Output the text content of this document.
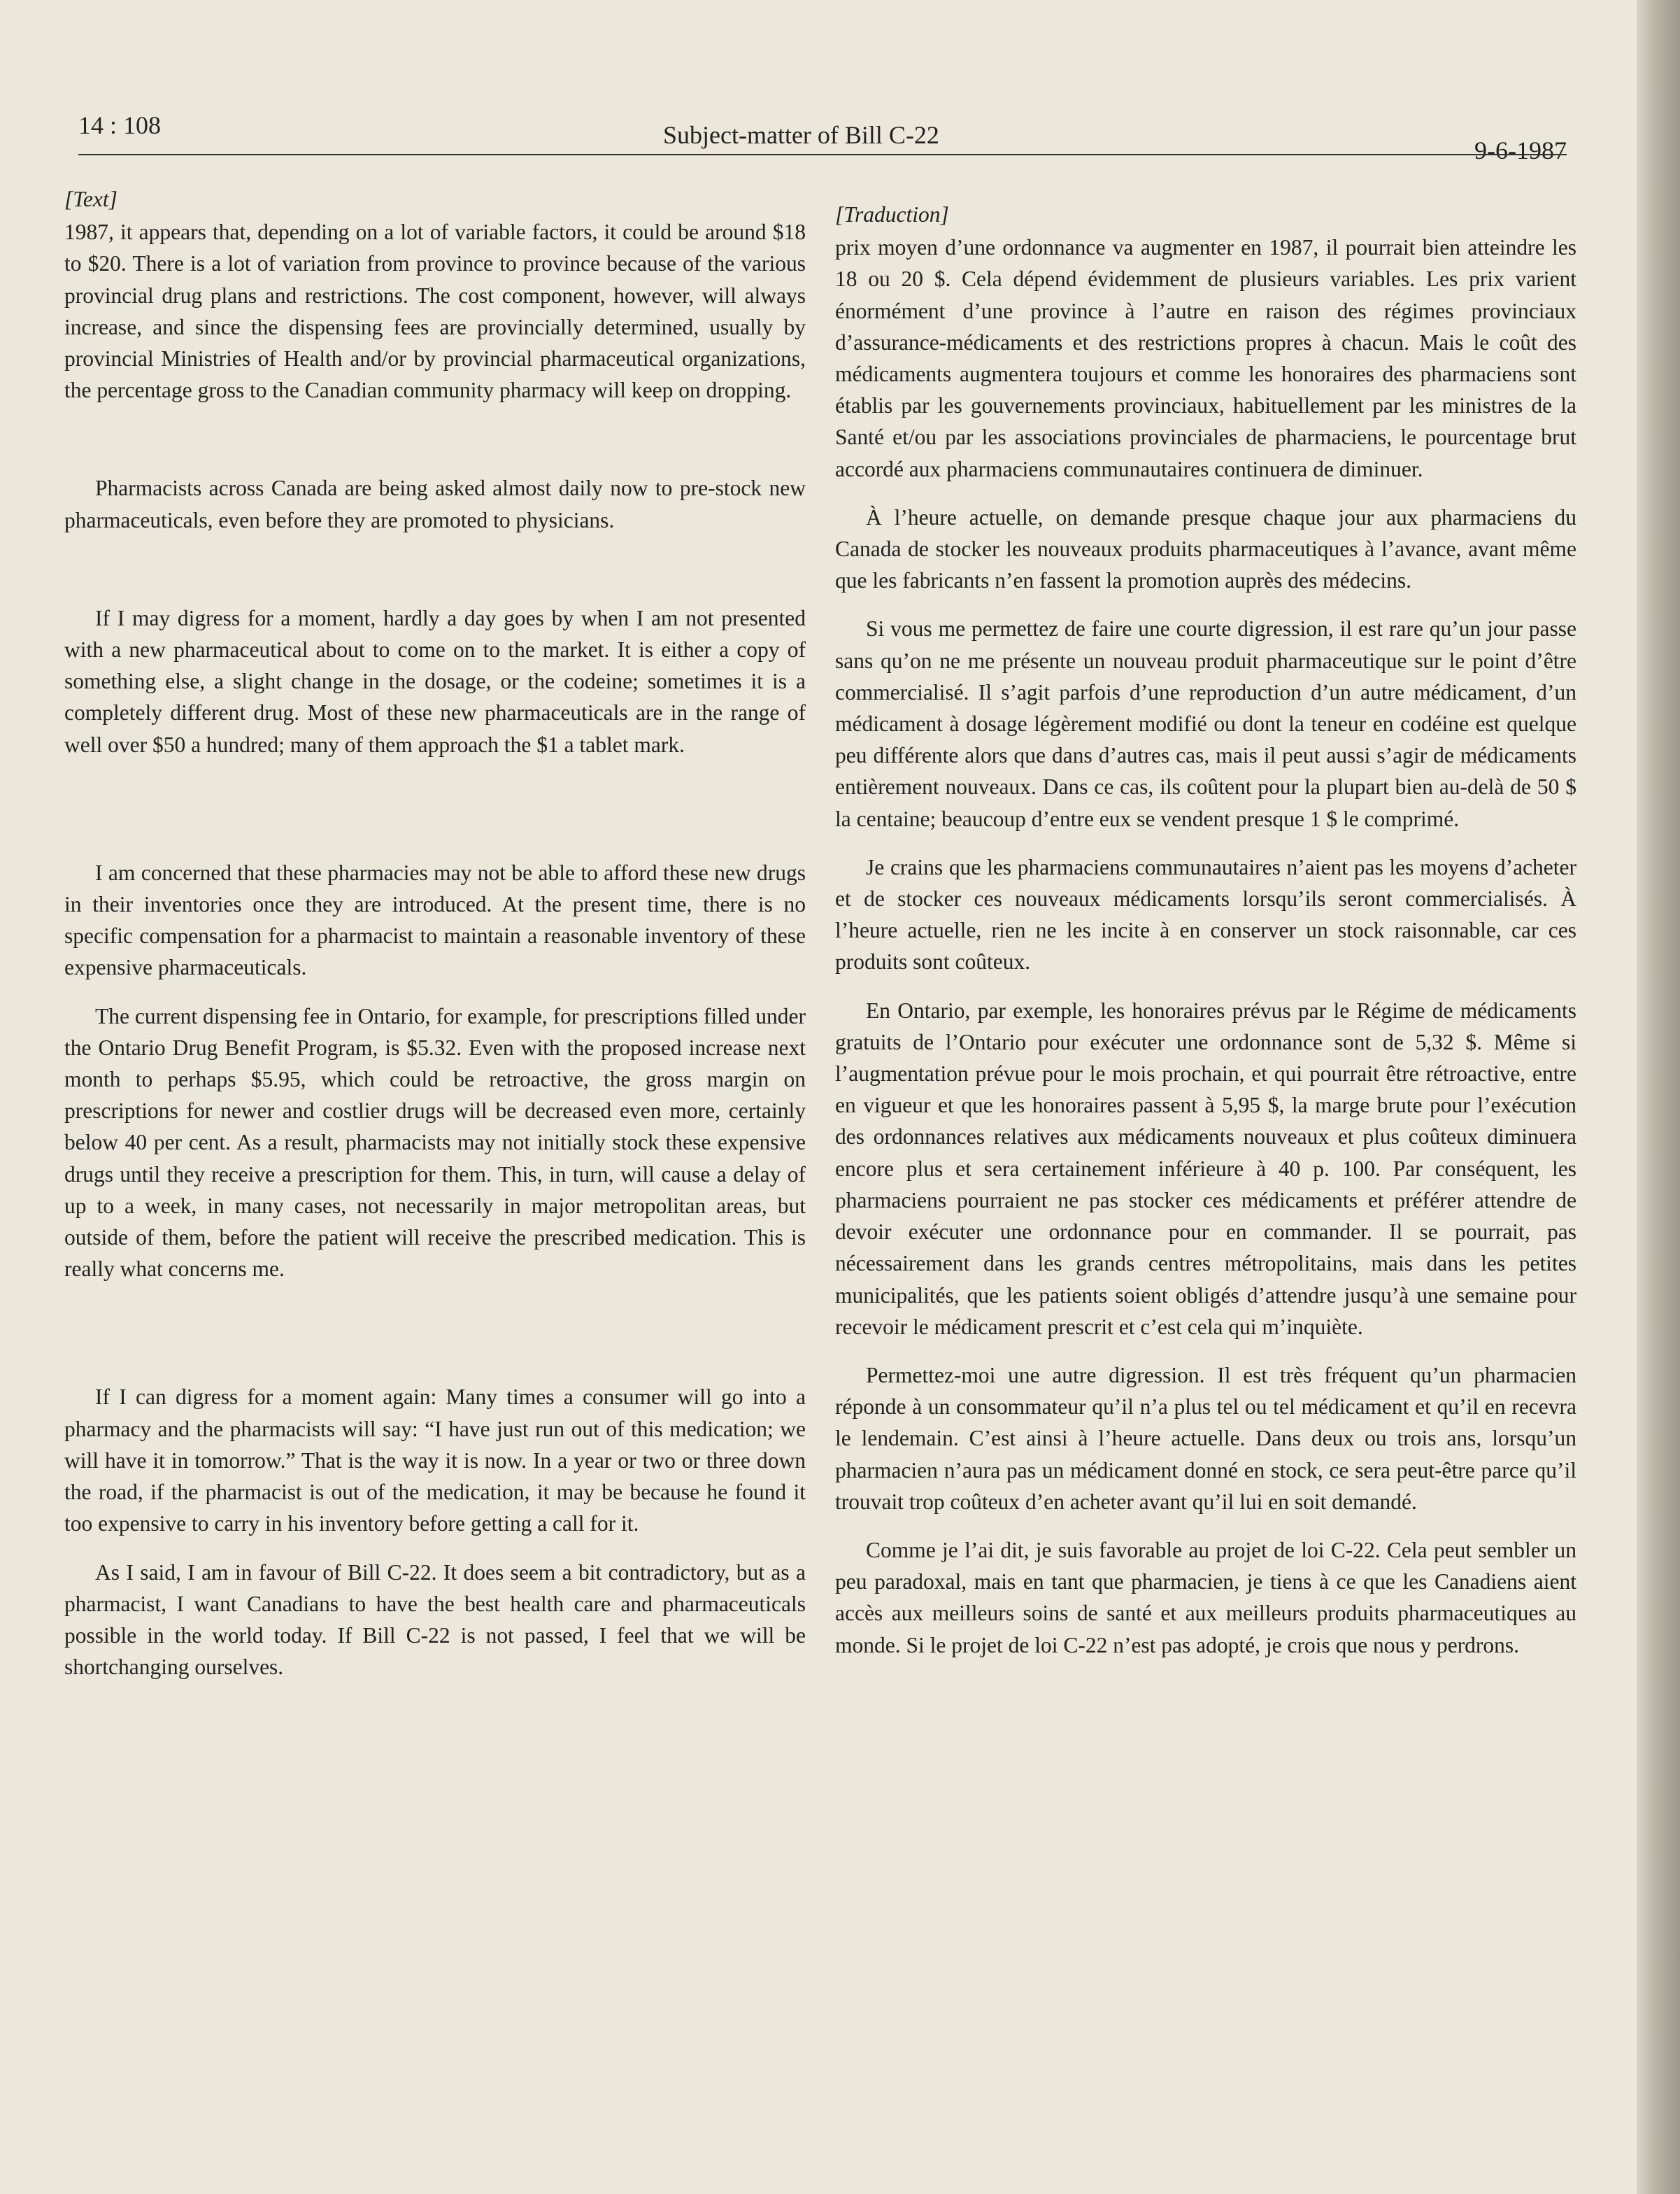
14 : 108	Subject-matter of Bill C-22
9-6-1987
[Text]

1987, it appears that, depending on a lot of variable factors, it could be around $18 to $20. There is a lot of variation from province to province because of the various provincial drug plans and restrictions. The cost component, however, will always increase, and since the dispensing fees are provincially determined, usually by provincial Ministries of Health and/or by provincial pharmaceutical organizations, the percentage gross to the Canadian community pharmacy will keep on dropping.

Pharmacists across Canada are being asked almost daily now to pre-stock new pharmaceuticals, even before they are promoted to physicians.

If I may digress for a moment, hardly a day goes by when I am not presented with a new pharmaceutical about to come on to the market. It is either a copy of something else, a slight change in the dosage, or the codeine; sometimes it is a completely different drug. Most of these new pharmaceuticals are in the range of well over $50 a hundred; many of them approach the $1 a tablet mark.

I am concerned that these pharmacies may not be able to afford these new drugs in their inventories once they are introduced. At the present time, there is no specific compensation for a pharmacist to maintain a reasonable inventory of these expensive pharmaceuticals.

The current dispensing fee in Ontario, for example, for prescriptions filled under the Ontario Drug Benefit Program, is $5.32. Even with the proposed increase next month to perhaps $5.95, which could be retroactive, the gross margin on prescriptions for newer and costlier drugs will be decreased even more, certainly below 40 per cent. As a result, pharmacists may not initially stock these expensive drugs until they receive a prescription for them. This, in turn, will cause a delay of up to a week, in many cases, not necessarily in major metropolitan areas, but outside of them, before the patient will receive the prescribed medication. This is really what concerns me.

If I can digress for a moment again: Many times a consumer will go into a pharmacy and the pharmacists will say: “I have just run out of this medication; we will have it in tomorrow.” That is the way it is now. In a year or two or three down the road, if the pharmacist is out of the medication, it may be because he found it too expensive to carry in his inventory before getting a call for it.

As I said, I am in favour of Bill C-22. It does seem a bit contradictory, but as a pharmacist, I want Canadians to have the best health care and pharmaceuticals possible in the world today. If Bill C-22 is not passed, I feel that we will be shortchanging ourselves.

[Traduction]

prix moyen d’une ordonnance va augmenter en 1987, il pourrait bien atteindre les 18 ou 20 $. Cela dépend évidemment de plusieurs variables. Les prix varient énormément d’une province à l’autre en raison des régimes provinciaux d’assurance-médicaments et des restrictions propres à chacun. Mais le coût des médicaments augmentera toujours et comme les honoraires des pharmaciens sont établis par les gouvernements provinciaux, habituellement par les ministres de la Santé et/ou par les associations provinciales de pharmaciens, le pourcentage brut accordé aux pharmaciens communautaires continuera de diminuer.

À l’heure actuelle, on demande presque chaque jour aux pharmaciens du Canada de stocker les nouveaux produits pharmaceutiques à l’avance, avant même que les fabricants n’en fassent la promotion auprès des médecins.

Si vous me permettez de faire une courte digression, il est rare qu’un jour passe sans qu’on ne me présente un nouveau produit pharmaceutique sur le point d’être commercialisé. Il s’agit parfois d’une reproduction d’un autre médicament, d’un médicament à dosage légèrement modifié ou dont la teneur en codéine est quelque peu différente alors que dans d’autres cas, mais il peut aussi s’agir de médicaments entièrement nouveaux. Dans ce cas, ils coûtent pour la plupart bien au-delà de 50 $ la centaine; beaucoup d’entre eux se vendent presque 1 $ le comprimé.

Je crains que les pharmaciens communautaires n’aient pas les moyens d’acheter et de stocker ces nouveaux médicaments lorsqu’ils seront commercialisés. À l’heure actuelle, rien ne les incite à en conserver un stock raisonnable, car ces produits sont coûteux.

En Ontario, par exemple, les honoraires prévus par le Régime de médicaments gratuits de l’Ontario pour exécuter une ordonnance sont de 5,32 $. Même si l’augmentation prévue pour le mois prochain, et qui pourrait être rétroactive, entre en vigueur et que les honoraires passent à 5,95 $, la marge brute pour l’exécution des ordonnances relatives aux médicaments nouveaux et plus coûteux diminuera encore plus et sera certainement inférieure à 40 p. 100. Par conséquent, les pharmaciens pourraient ne pas stocker ces médicaments et préférer attendre de devoir exécuter une ordonnance pour en commander. Il se pourrait, pas nécessairement dans les grands centres métropolitains, mais dans les petites municipalités, que les patients soient obligés d’attendre jusqu’à une semaine pour recevoir le médicament prescrit et c’est cela qui m’inquiète.

Permettez-moi une autre digression. Il est très fréquent qu’un pharmacien réponde à un consommateur qu’il n’a plus tel ou tel médicament et qu’il en recevra le lendemain. C’est ainsi à l’heure actuelle. Dans deux ou trois ans, lorsqu’un pharmacien n’aura pas un médicament donné en stock, ce sera peut-être parce qu’il trouvait trop coûteux d’en acheter avant qu’il lui en soit demandé.

Comme je l’ai dit, je suis favorable au projet de loi C-22. Cela peut sembler un peu paradoxal, mais en tant que pharmacien, je tiens à ce que les Canadiens aient accès aux meilleurs soins de santé et aux meilleurs produits pharmaceutiques au monde. Si le projet de loi C-22 n’est pas adopté, je crois que nous y perdrons.
